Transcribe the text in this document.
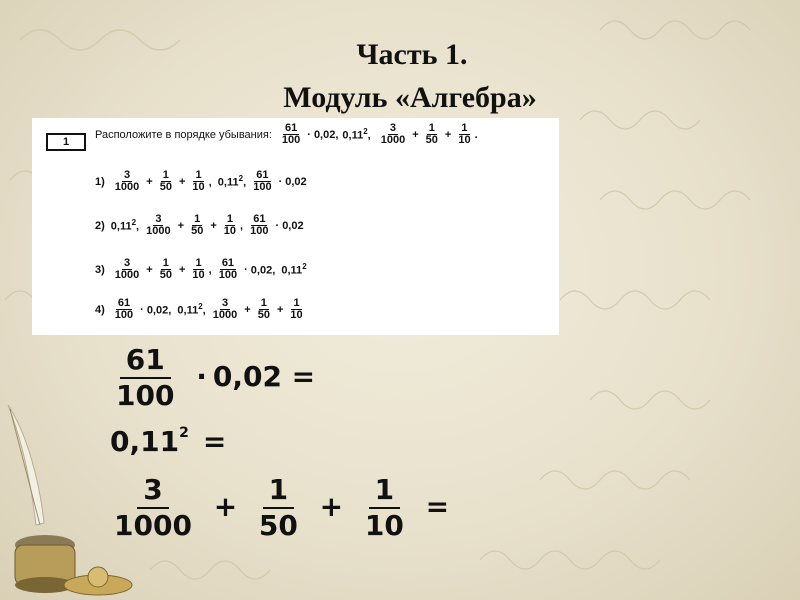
Часть 1.
Модуль «Алгебра»
1
Расположите в порядке убывания:
61
100 · 0,02, 0,11$^2$,
3
$1000 + \frac{1}{50} + \frac{1}{10}$ .
1)
3
$1000 + \frac{1}{50} + \frac{1}{10}$ ,  0,11$^2$,
61
100 · 0,02
2) 0,11$^2$,
3
$1000 + \frac{1}{50} + \frac{1}{10}$ ,
61
100 · 0,02
3)
3
$1000 + \frac{1}{50} + \frac{1}{10}$ ,
61
100 · 0,02,  0,11$^2$
4)
61
100 · 0,02,  0,11$^2$,
3
$1000 + \frac{1}{50} + \frac{1}{10}$
$\frac{61}{100} \cdot 0,02$ =
$0,11^2$ =
$\frac{3}{1000} + \frac{1}{50} + \frac{1}{10}$ =
